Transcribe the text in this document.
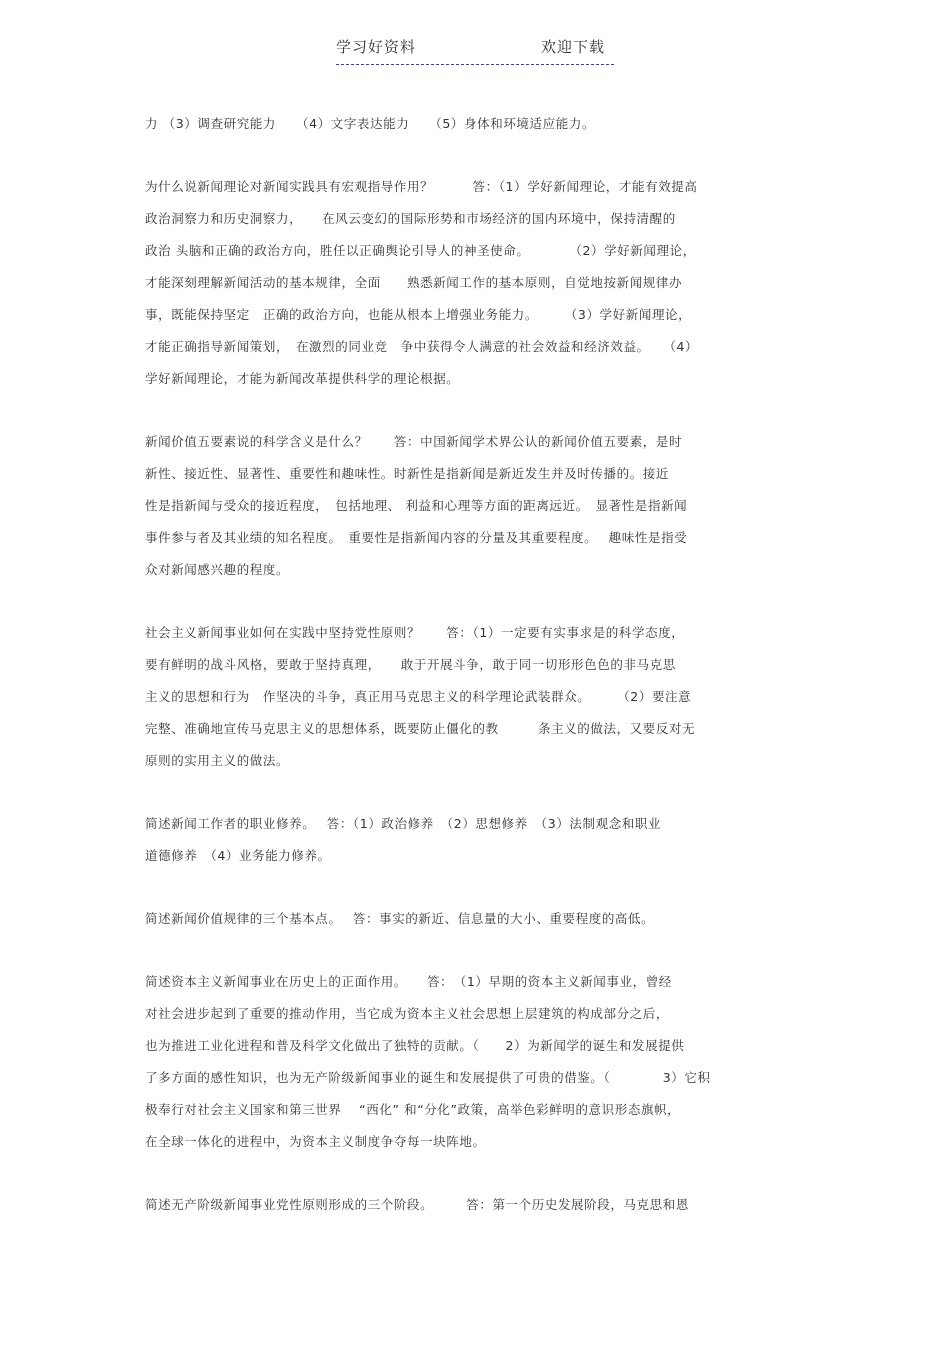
学习好资料	欢迎下载
力 （3）调查研究能力　　（4）文字表达能力　　（5）身体和环境适应能力。
为什么说新闻理论对新闻实践具有宏观指导作用？　　　答：（1）学好新闻理论，才能有效提高
政治洞察力和历史洞察力，　　在风云变幻的国际形势和市场经济的国内环境中，保持清醒的
政治 头脑和正确的政治方向，胜任以正确舆论引导人的神圣使命。　　　　（2）学好新闻理论，
才能深刻理解新闻活动的基本规律，全面　　熟悉新闻工作的基本原则，自觉地按新闻规律办
事，既能保持坚定　正确的政治方向，也能从根本上增强业务能力。　　　（3）学好新闻理论，
才能正确指导新闻策划，　在激烈的同业竞　争中获得令人满意的社会效益和经济效益。　　（4）
学好新闻理论，才能为新闻改革提供科学的理论根据。
新闻价值五要素说的科学含义是什么？　　答：中国新闻学术界公认的新闻价值五要素，是时
新性、接近性、显著性、重要性和趣味性。时新性是指新闻是新近发生并及时传播的。接近
性是指新闻与受众的接近程度，　包括地理、 利益和心理等方面的距离远近。　显著性是指新闻
事件参与者及其业绩的知名程度。　重要性是指新闻内容的分量及其重要程度。　 趣味性是指受
众对新闻感兴趣的程度。
社会主义新闻事业如何在实践中坚持党性原则？　　答：（1）一定要有实事求是的科学态度，
要有鲜明的战斗风格，要敢于坚持真理，　　敢于开展斗争，敢于同一切形形色色的非马克思
主义的思想和行为　作坚决的斗争，真正用马克思主义的科学理论武装群众。　　　（2）要注意
完整、准确地宣传马克思主义的思想体系，既要防止僵化的教　　　条主义的做法，又要反对无
原则的实用主义的做法。
简述新闻工作者的职业修养。　 答：（1）政治修养　（2）思想修养　（3）法制观念和职业
道德修养　（4）业务能力修养。
简述新闻价值规律的三个基本点。　 答：事实的新近、信息量的大小、重要程度的高低。
简述资本主义新闻事业在历史上的正面作用。　　答：　（1）早期的资本主义新闻事业，曾经
对社会进步起到了重要的推动作用，当它成为资本主义社会思想上层建筑的构成部分之后，
也为推进工业化进程和普及科学文化做出了独特的贡献。（　　2）为新闻学的诞生和发展提供
了多方面的感性知识，也为无产阶级新闻事业的诞生和发展提供了可贵的借鉴。（　　　　3）它积
极奉行对社会主义国家和第三世界　 “西化” 和“分化”政策，高举色彩鲜明的意识形态旗帜，
在全球一体化的进程中，为资本主义制度争夺每一块阵地。
简述无产阶级新闻事业党性原则形成的三个阶段。　　　答：第一个历史发展阶段，马克思和恩
